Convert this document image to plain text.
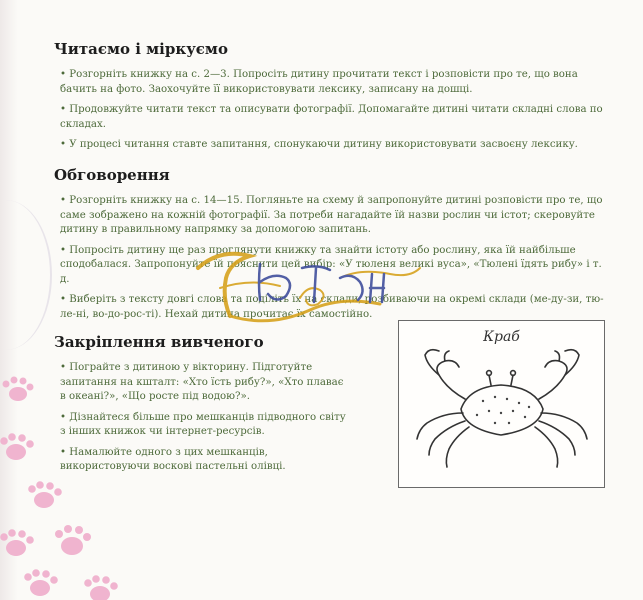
Читаємо і міркуємо
• Розгорніть книжку на с. 2—3. Попросіть дитину прочитати текст і розповісти про те, що вона бачить на фото. Заохочуйте її використовувати лексику, записану на дошці.
• Продовжуйте читати текст та описувати фотографії. Допомагайте дитині читати складні слова по складах.
• У процесі читання ставте запитання, спонукаючи дитину використовувати засвоєну лексику.
Обговорення
• Розгорніть книжку на с. 14—15. Погляньте на схему й запропонуйте дитині розповісти про те, що саме зображено на кожній фотографії. За потреби нагадайте їй назви рослин чи істот; скеровуйте дитину в правильному напрямку за допомогою запитань.
• Попросіть дитину ще раз проглянути книжку та знайти істоту або рослину, яка їй найбільше сподобалася. Запропонуйте їй пояснити цей вибір: «У тюленя великі вуса», «Тюлені їдять рибу» і т. д.
• Виберіть з тексту довгі слова та поділіть їх на склади, розбиваючи на окремі склади (ме-ду-зи, тю-ле-ні, во-до-рос-ті). Нехай дитина прочитає їх самостійно.
Закріплення вивченого
• Пограйте з дитиною у вікторину. Підготуйте запитання на кшталт: «Хто їсть рибу?», «Хто плаває в океані?», «Що росте під водою?».
• Дізнайтеся більше про мешканців підводного світу з інших книжок чи інтернет-ресурсів.
• Намалюйте одного з цих мешканців, використовуючи воскові пастельні олівці.
Краб
